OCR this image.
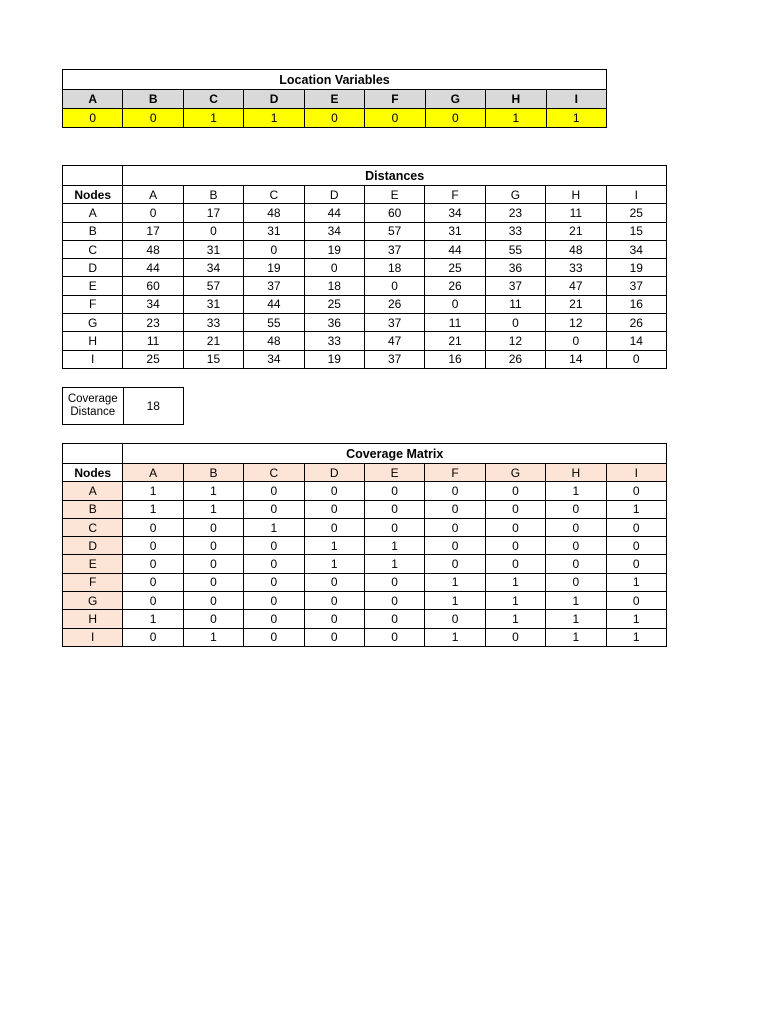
Location Variables								
A	B	C	D	E	F	G	H	I
0	0	1	1	0	0	0	1	1
	Distances								
Nodes	A	B	C	D	E	F	G	H	I
A	0	17	48	44	60	34	23	11	25
B	17	0	31	34	57	31	33	21	15
C	48	31	0	19	37	44	55	48	34
D	44	34	19	0	18	25	36	33	19
E	60	57	37	18	0	26	37	47	37
F	34	31	44	25	26	0	11	21	16
G	23	33	55	36	37	11	0	12	26
H	11	21	48	33	47	21	12	0	14
I	25	15	34	19	37	16	26	14	0
Coverage Distance	18
	Coverage Matrix								
Nodes	A	B	C	D	E	F	G	H	I
A	1	1	0	0	0	0	0	1	0
B	1	1	0	0	0	0	0	0	1
C	0	0	1	0	0	0	0	0	0
D	0	0	0	1	1	0	0	0	0
E	0	0	0	1	1	0	0	0	0
F	0	0	0	0	0	1	1	0	1
G	0	0	0	0	0	1	1	1	0
H	1	0	0	0	0	0	1	1	1
I	0	1	0	0	0	1	0	1	1
